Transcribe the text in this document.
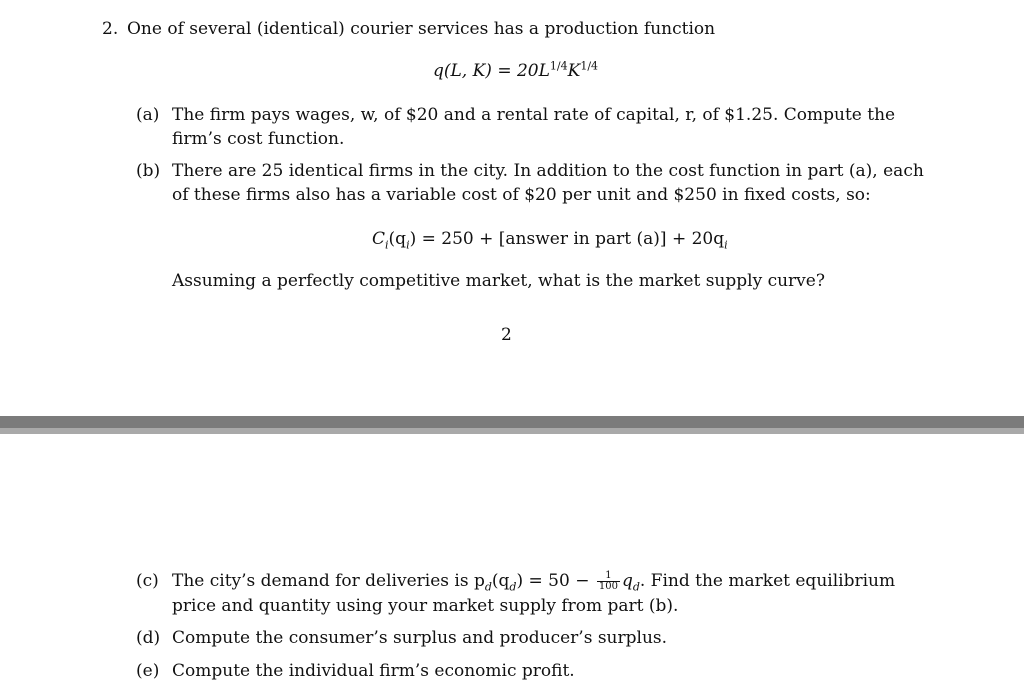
2. One of several (identical) courier services has a production function
q(L, $K) = 20L^{1/4}K^{1/4}$
(a) The firm pays wages, w, of $20 and a rental rate of capital, r, of $1.25. Compute the
firm’s cost function.
(b) There are 25 identical firms in the city. In addition to the cost function in part (a), each
of these firms also has a variable cost of $20 per unit and $250 in fixed costs, so:
$C_i(q_i) = 250$ + [answer in part $(a)] + 20q_i$
Assuming a perfectly competitive market, what is the market supply curve?
2
(c) The city’s demand for deliveries is $p_d(q_d) = 50 - \frac{1}{100} q_d$. Find the market equilibrium
price and quantity using your market supply from part (b).
(d) Compute the consumer’s surplus and producer’s surplus.
(e) Compute the individual firm’s economic profit.
